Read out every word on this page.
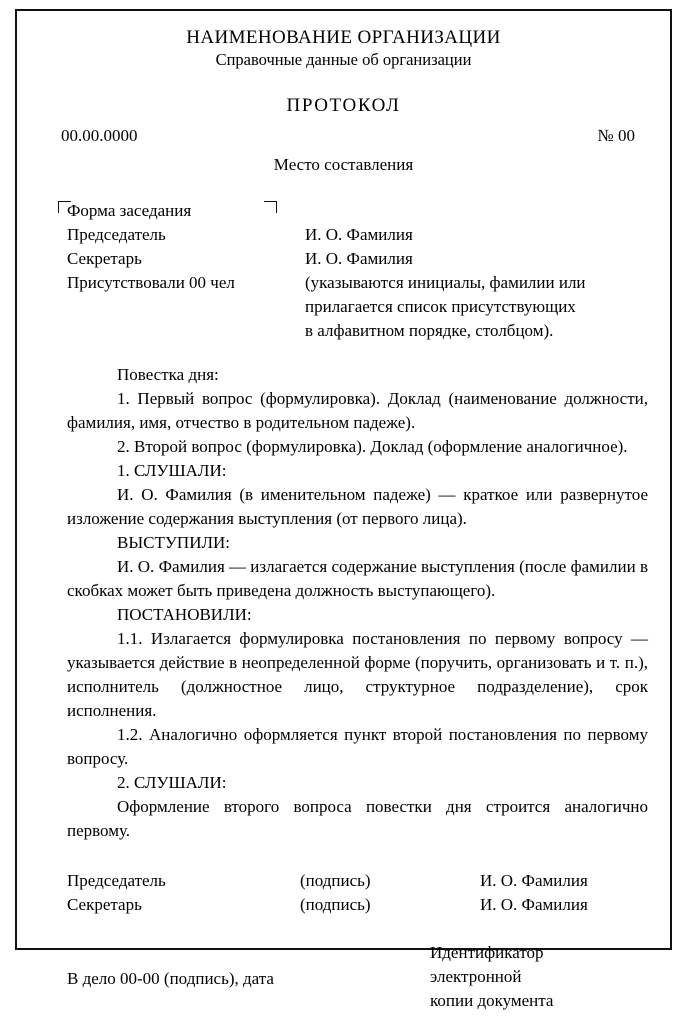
НАИМЕНОВАНИЕ ОРГАНИЗАЦИИ
Справочные данные об организации
ПРОТОКОЛ
00.00.0000	№ 00
Место составления
Форма заседания
Председатель	И. О. Фамилия
Секретарь	И. О. Фамилия
Присутствовали 00 чел	(указываются инициалы, фамилии или
прилагается список присутствующих
в алфавитном порядке, столбцом).

Повестка дня:

1. Первый вопрос (формулировка). Доклад (наименование должности, фамилия, имя, отчество в родительном падеже).

2. Второй вопрос (формулировка). Доклад (оформление аналогичное).

1. СЛУШАЛИ:

И. О. Фамилия (в именительном падеже) — краткое или развернутое изложение содержания выступления (от первого лица).

ВЫСТУПИЛИ:

И. О. Фамилия — излагается содержание выступления (после фамилии в скобках может быть приведена должность выступающего).

ПОСТАНОВИЛИ:

1.1. Излагается формулировка постановления по первому вопросу — указывается действие в неопределенной форме (поручить, организовать и т. п.), исполнитель (должностное лицо, структурное подразделение), срок исполнения.

1.2. Аналогично оформляется пункт второй постановления по первому вопросу.

2. СЛУШАЛИ:

Оформление второго вопроса повестки дня строится аналогично первому.

Председатель	(подпись)	И. О. Фамилия
Секретарь	(подпись)	И. О. Фамилия
В дело 00-00 (подпись), дата
Идентификатор
электронной
копии документа
